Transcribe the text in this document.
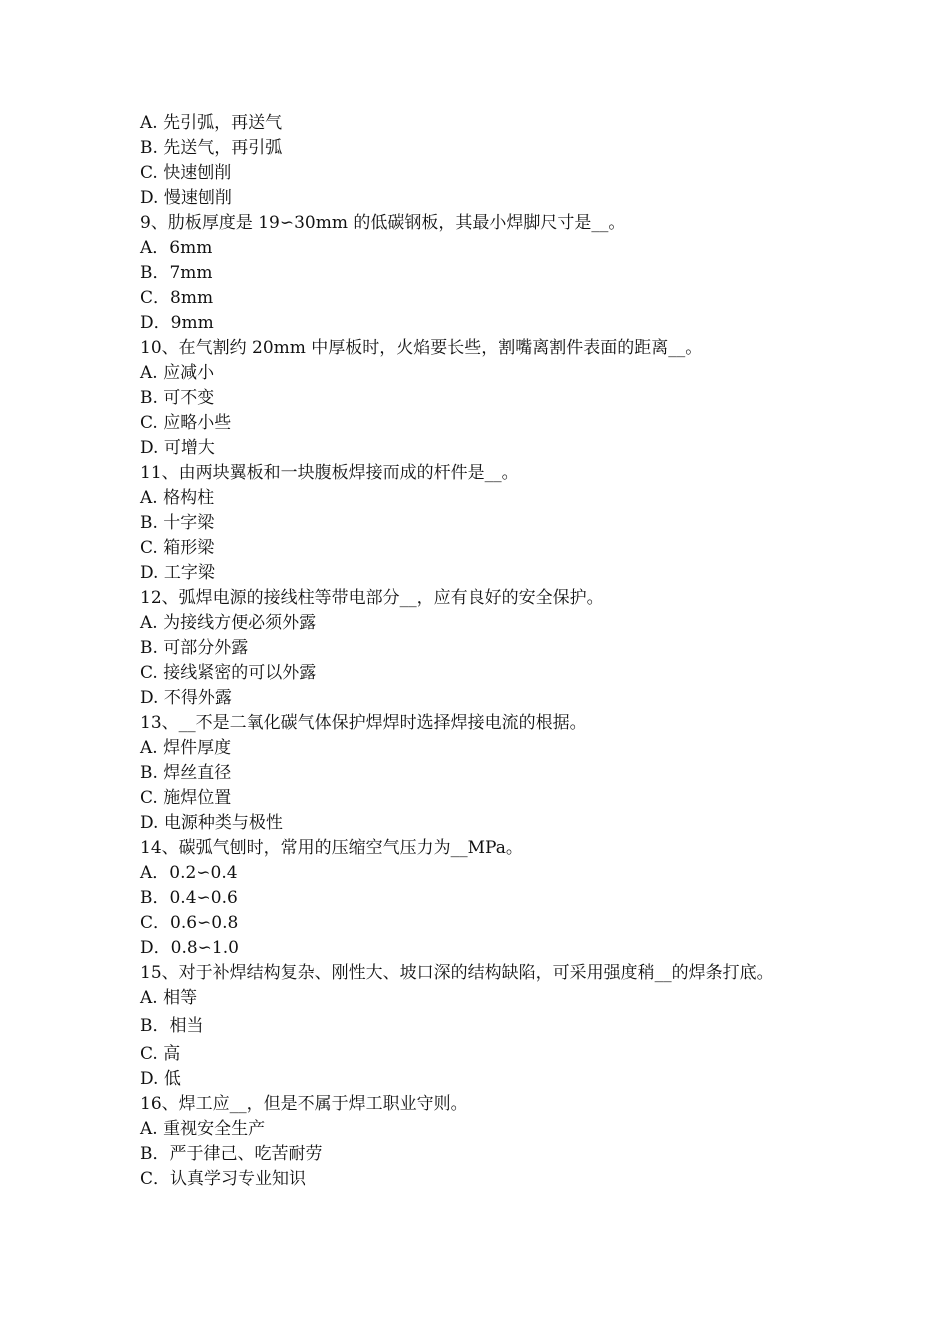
A. 先引弧，再送气
B. 先送气，再引弧
C. 快速刨削
D. 慢速刨削
9、肋板厚度是 19∽30mm 的低碳钢板，其最小焊脚尺寸是__。
A．6mm
B．7mm
C．8mm
D．9mm
10、在气割约 20mm 中厚板时，火焰要长些，割嘴离割件表面的距离__。
A. 应减小
B. 可不变
C. 应略小些
D. 可增大
11、由两块翼板和一块腹板焊接而成的杆件是__。
A. 格构柱
B. 十字梁
C. 箱形梁
D. 工字梁
12、弧焊电源的接线柱等带电部分__，应有良好的安全保护。
A. 为接线方便必须外露
B. 可部分外露
C. 接线紧密的可以外露
D. 不得外露
13、__不是二氧化碳气体保护焊焊时选择焊接电流的根据。
A. 焊件厚度
B. 焊丝直径
C. 施焊位置
D. 电源种类与极性
14、碳弧气刨时，常用的压缩空气压力为__MPa。
A．0.2∽0.4
B．0.4∽0.6
C．0.6∽0.8
D．0.8∽1.0
15、对于补焊结构复杂、刚性大、坡口深的结构缺陷，可采用强度稍__的焊条打底。
A. 相等
B．相当
C. 高
D. 低
16、焊工应__，但是不属于焊工职业守则。
A. 重视安全生产
B．严于律己、吃苦耐劳
C．认真学习专业知识
